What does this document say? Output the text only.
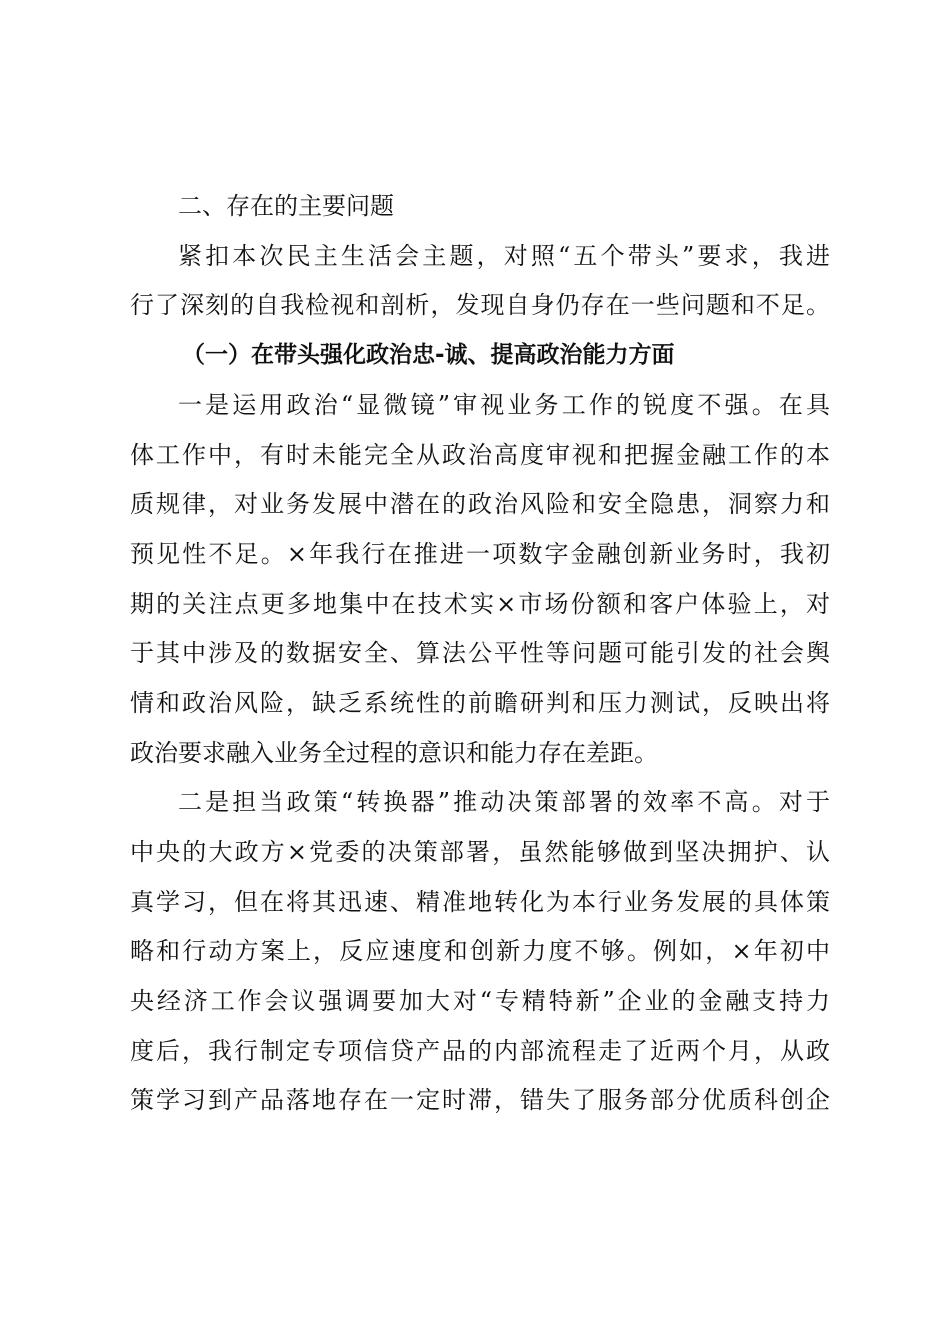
二、存在的主要问题
紧扣本次民主生活会主题，对照“五个带头”要求，我进
行了深刻的自我检视和剖析，发现自身仍存在一些问题和不足。
（一）在带头强化政治忠-诚、提高政治能力方面
一是运用政治“显微镜”审视业务工作的锐度不强。在具
体工作中，有时未能完全从政治高度审视和把握金融工作的本
质规律，对业务发展中潜在的政治风险和安全隐患，洞察力和
预见性不足。×年我行在推进一项数字金融创新业务时，我初
期的关注点更多地集中在技术实×市场份额和客户体验上，对
于其中涉及的数据安全、算法公平性等问题可能引发的社会舆
情和政治风险，缺乏系统性的前瞻研判和压力测试，反映出将
政治要求融入业务全过程的意识和能力存在差距。
二是担当政策“转换器”推动决策部署的效率不高。对于
中央的大政方×党委的决策部署，虽然能够做到坚决拥护、认
真学习，但在将其迅速、精准地转化为本行业务发展的具体策
略和行动方案上，反应速度和创新力度不够。例如，×年初中
央经济工作会议强调要加大对“专精特新”企业的金融支持力
度后，我行制定专项信贷产品的内部流程走了近两个月，从政
策学习到产品落地存在一定时滞，错失了服务部分优质科创企
